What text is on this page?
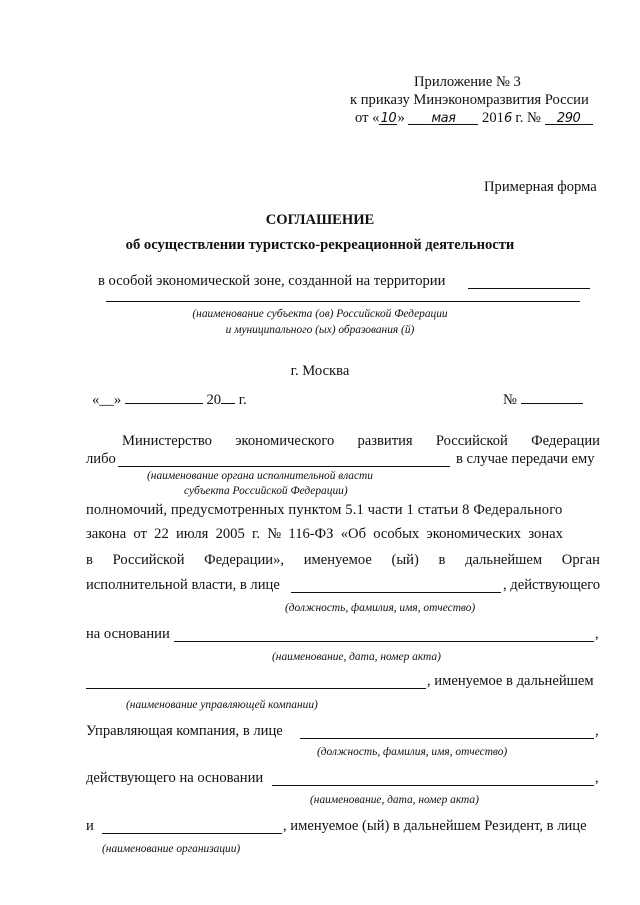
Приложение № 3
к приказу Минэкономразвития России
от «10» мая 2016 г. № 290
Примерная форма
СОГЛАШЕНИЕ
об осуществлении туристско-рекреационной деятельности
в особой экономической зоне, созданной на территории
(наименование субъекта (ов) Российской Федерации
и муниципального (ых) образования (й)
г. Москва
«__»	20 г.	№
Министерство экономического развития Российской Федерации
либо	в случае передачи ему
(наименование органа исполнительной власти
субъекта Российской Федерации)
полномочий, предусмотренных пунктом 5.1 части 1 статьи 8 Федерального
закона от 22 июля 2005 г. № 116-ФЗ «Об особых экономических зонах
в Российской Федерации», именуемое (ый) в дальнейшем Орган
исполнительной власти, в лице	, действующего
(должность, фамилия, имя, отчество)
на основании	,
(наименование, дата, номер акта)
, именуемое в дальнейшем
(наименование управляющей компании)
Управляющая компания, в лице	,
(должность, фамилия, имя, отчество)
действующего на основании	,
(наименование, дата, номер акта)
и	, именуемое (ый) в дальнейшем Резидент, в лице
(наименование организации)
